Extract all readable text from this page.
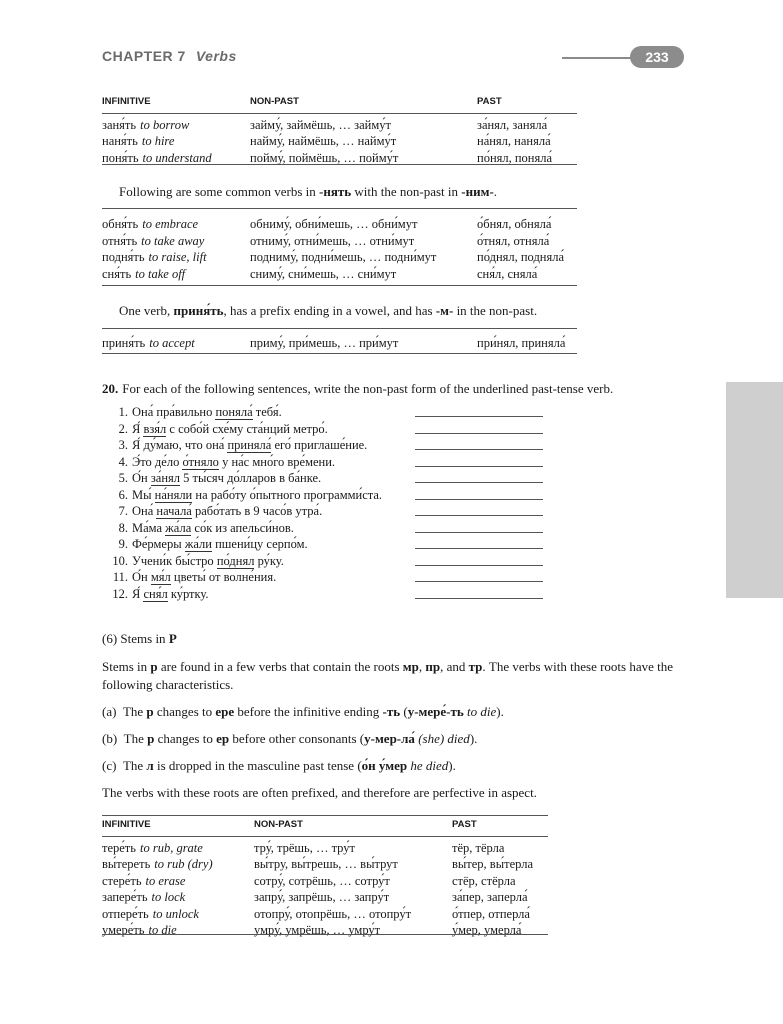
CHAPTER 7 Verbs	233
INFINITIVE	NON-PAST	PAST
заня́ть to borrow	займу́, займёшь, … займу́т	за́нял, заняла́
наня́ть to hire	найму́, наймёшь, … найму́т	на́нял, наняла́
поня́ть to understand	пойму́, поймёшь, … пойму́т	по́нял, поняла́
Following are some common verbs in -нять with the non-past in -ним-.
обня́ть to embrace	обниму́, обни́мешь, … обни́мут	о́бнял, обняла́
отня́ть to take away	отниму́, отни́мешь, … отни́мут	о́тнял, отняла́
подня́ть to raise, lift	подниму́, подни́мешь, … подни́мут	по́днял, подняла́
сня́ть to take off	сниму́, сни́мешь, … сни́мут	сня́л, сняла́
One verb, приня́ть, has a prefix ending in a vowel, and has -м- in the non-past.
приня́ть to accept	приму́, при́мешь, … при́мут	при́нял, приняла́
20. For each of the following sentences, write the non-past form of the underlined past-tense verb.
1. Она́ пра́вильно поняла́ тебя́.
2. Я́ взя́л с собо́й схе́му ста́нций метро́.
3. Я́ ду́маю, что она́ приняла́ его́ приглаше́ние.
4. Э́то де́ло о́тняло у на́с мно́го вре́мени.
5. О́н за́нял 5 ты́сяч до́лларов в ба́нке.
6. Мы́ на́няли на рабо́ту о́пытного программи́ста.
7. Она́ начала́ рабо́тать в 9 часо́в утра́.
8. Ма́ма жа́ла со́к из апельси́нов.
9. Фе́рмеры жа́ли пшени́цу серпо́м.
10. Учени́к бы́стро по́днял ру́ку.
11. О́н мя́л цветы́ от волне́ния.
12. Я́ сня́л ку́ртку.
(6) Stems in Р
Stems in р are found in a few verbs that contain the roots мр, пр, and тр. The verbs with these roots have the following characteristics.
(a) The р changes to ере before the infinitive ending -ть (у-мере́-ть to die).
(b) The р changes to ер before other consonants (у-мер-ла́ (she) died).
(c) The л is dropped in the masculine past tense (о́н у́мер he died).
The verbs with these roots are often prefixed, and therefore are perfective in aspect.
INFINITIVE	NON-PAST	PAST
тере́ть to rub, grate	тру́, трёшь, … тру́т	тёр, тёрла
вы́тереть to rub (dry)	вы́тру, вы́трешь, … вы́трут	вы́тер, вы́терла
стере́ть to erase	сотру́, сотрёшь, … сотру́т	стёр, стёрла
запере́ть to lock	запру́, запрёшь, … запру́т	за́пер, заперла́
отпере́ть to unlock	отопру́, отопрёшь, … отопру́т	о́тпер, отперла́
умере́ть to die	умру́, умрёшь, … умру́т	у́мер, умерла́
